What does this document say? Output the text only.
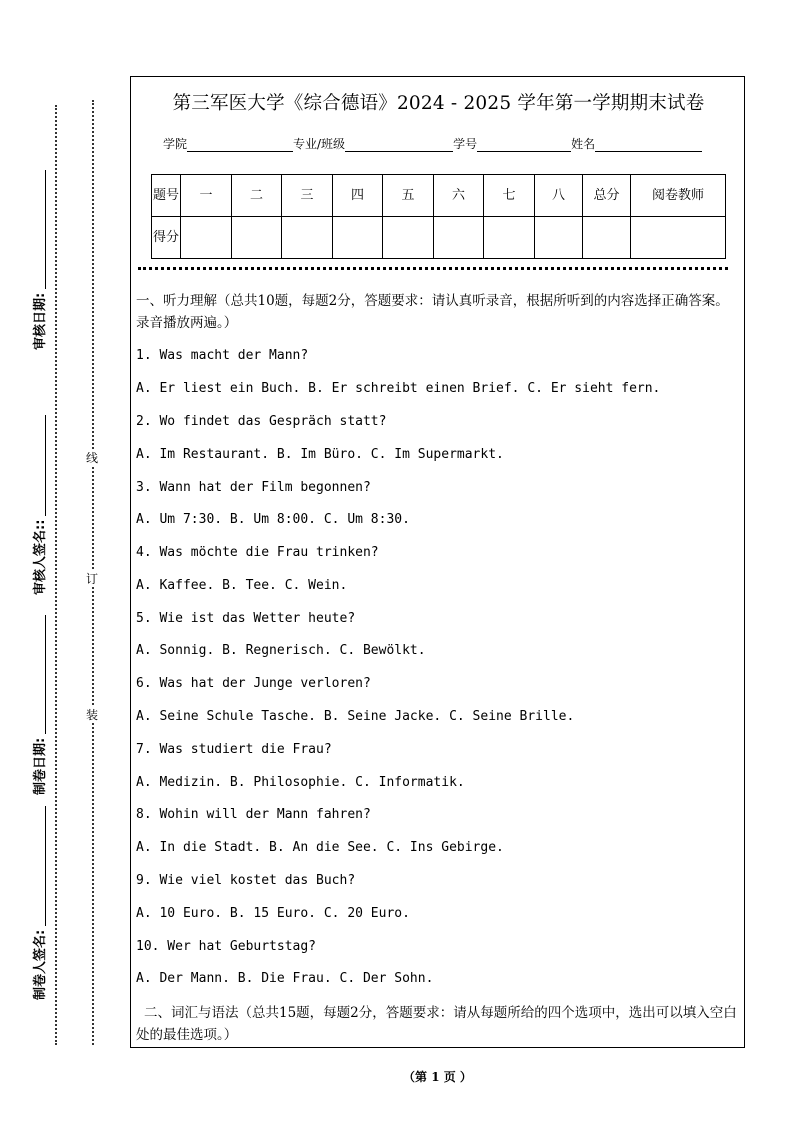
审核日期:
审核人签名::
制卷日期:
制卷人签名:
线
订
装
第三军医大学《综合德语》2024 - 2025 学年第一学期期末试卷
学院	专业/班级	学号	姓名
题号	一	二	三	四	五	六	七	八	总分	阅卷教师
得分										
一、听力理解（总共10题，每题2分，答题要求：请认真听录音，根据所听到的内容选择正确答案。录音播放两遍。）
1. Was macht der Mann?
A. Er liest ein Buch. B. Er schreibt einen Brief. C. Er sieht fern.
2. Wo findet das Gespräch statt?
A. Im Restaurant. B. Im Büro. C. Im Supermarkt.
3. Wann hat der Film begonnen?
A. Um 7:30. B. Um 8:00. C. Um 8:30.
4. Was möchte die Frau trinken?
A. Kaffee. B. Tee. C. Wein.
5. Wie ist das Wetter heute?
A. Sonnig. B. Regnerisch. C. Bewölkt.
6. Was hat der Junge verloren?
A. Seine Schule Tasche. B. Seine Jacke. C. Seine Brille.
7. Was studiert die Frau?
A. Medizin. B. Philosophie. C. Informatik.
8. Wohin will der Mann fahren?
A. In die Stadt. B. An die See. C. Ins Gebirge.
9. Wie viel kostet das Buch?
A. 10 Euro. B. 15 Euro. C. 20 Euro.
10. Wer hat Geburtstag?
A. Der Mann. B. Die Frau. C. Der Sohn.
二、词汇与语法（总共15题，每题2分，答题要求：请从每题所给的四个选项中，选出可以填入空白处的最佳选项。）
（第 1 页 ）
